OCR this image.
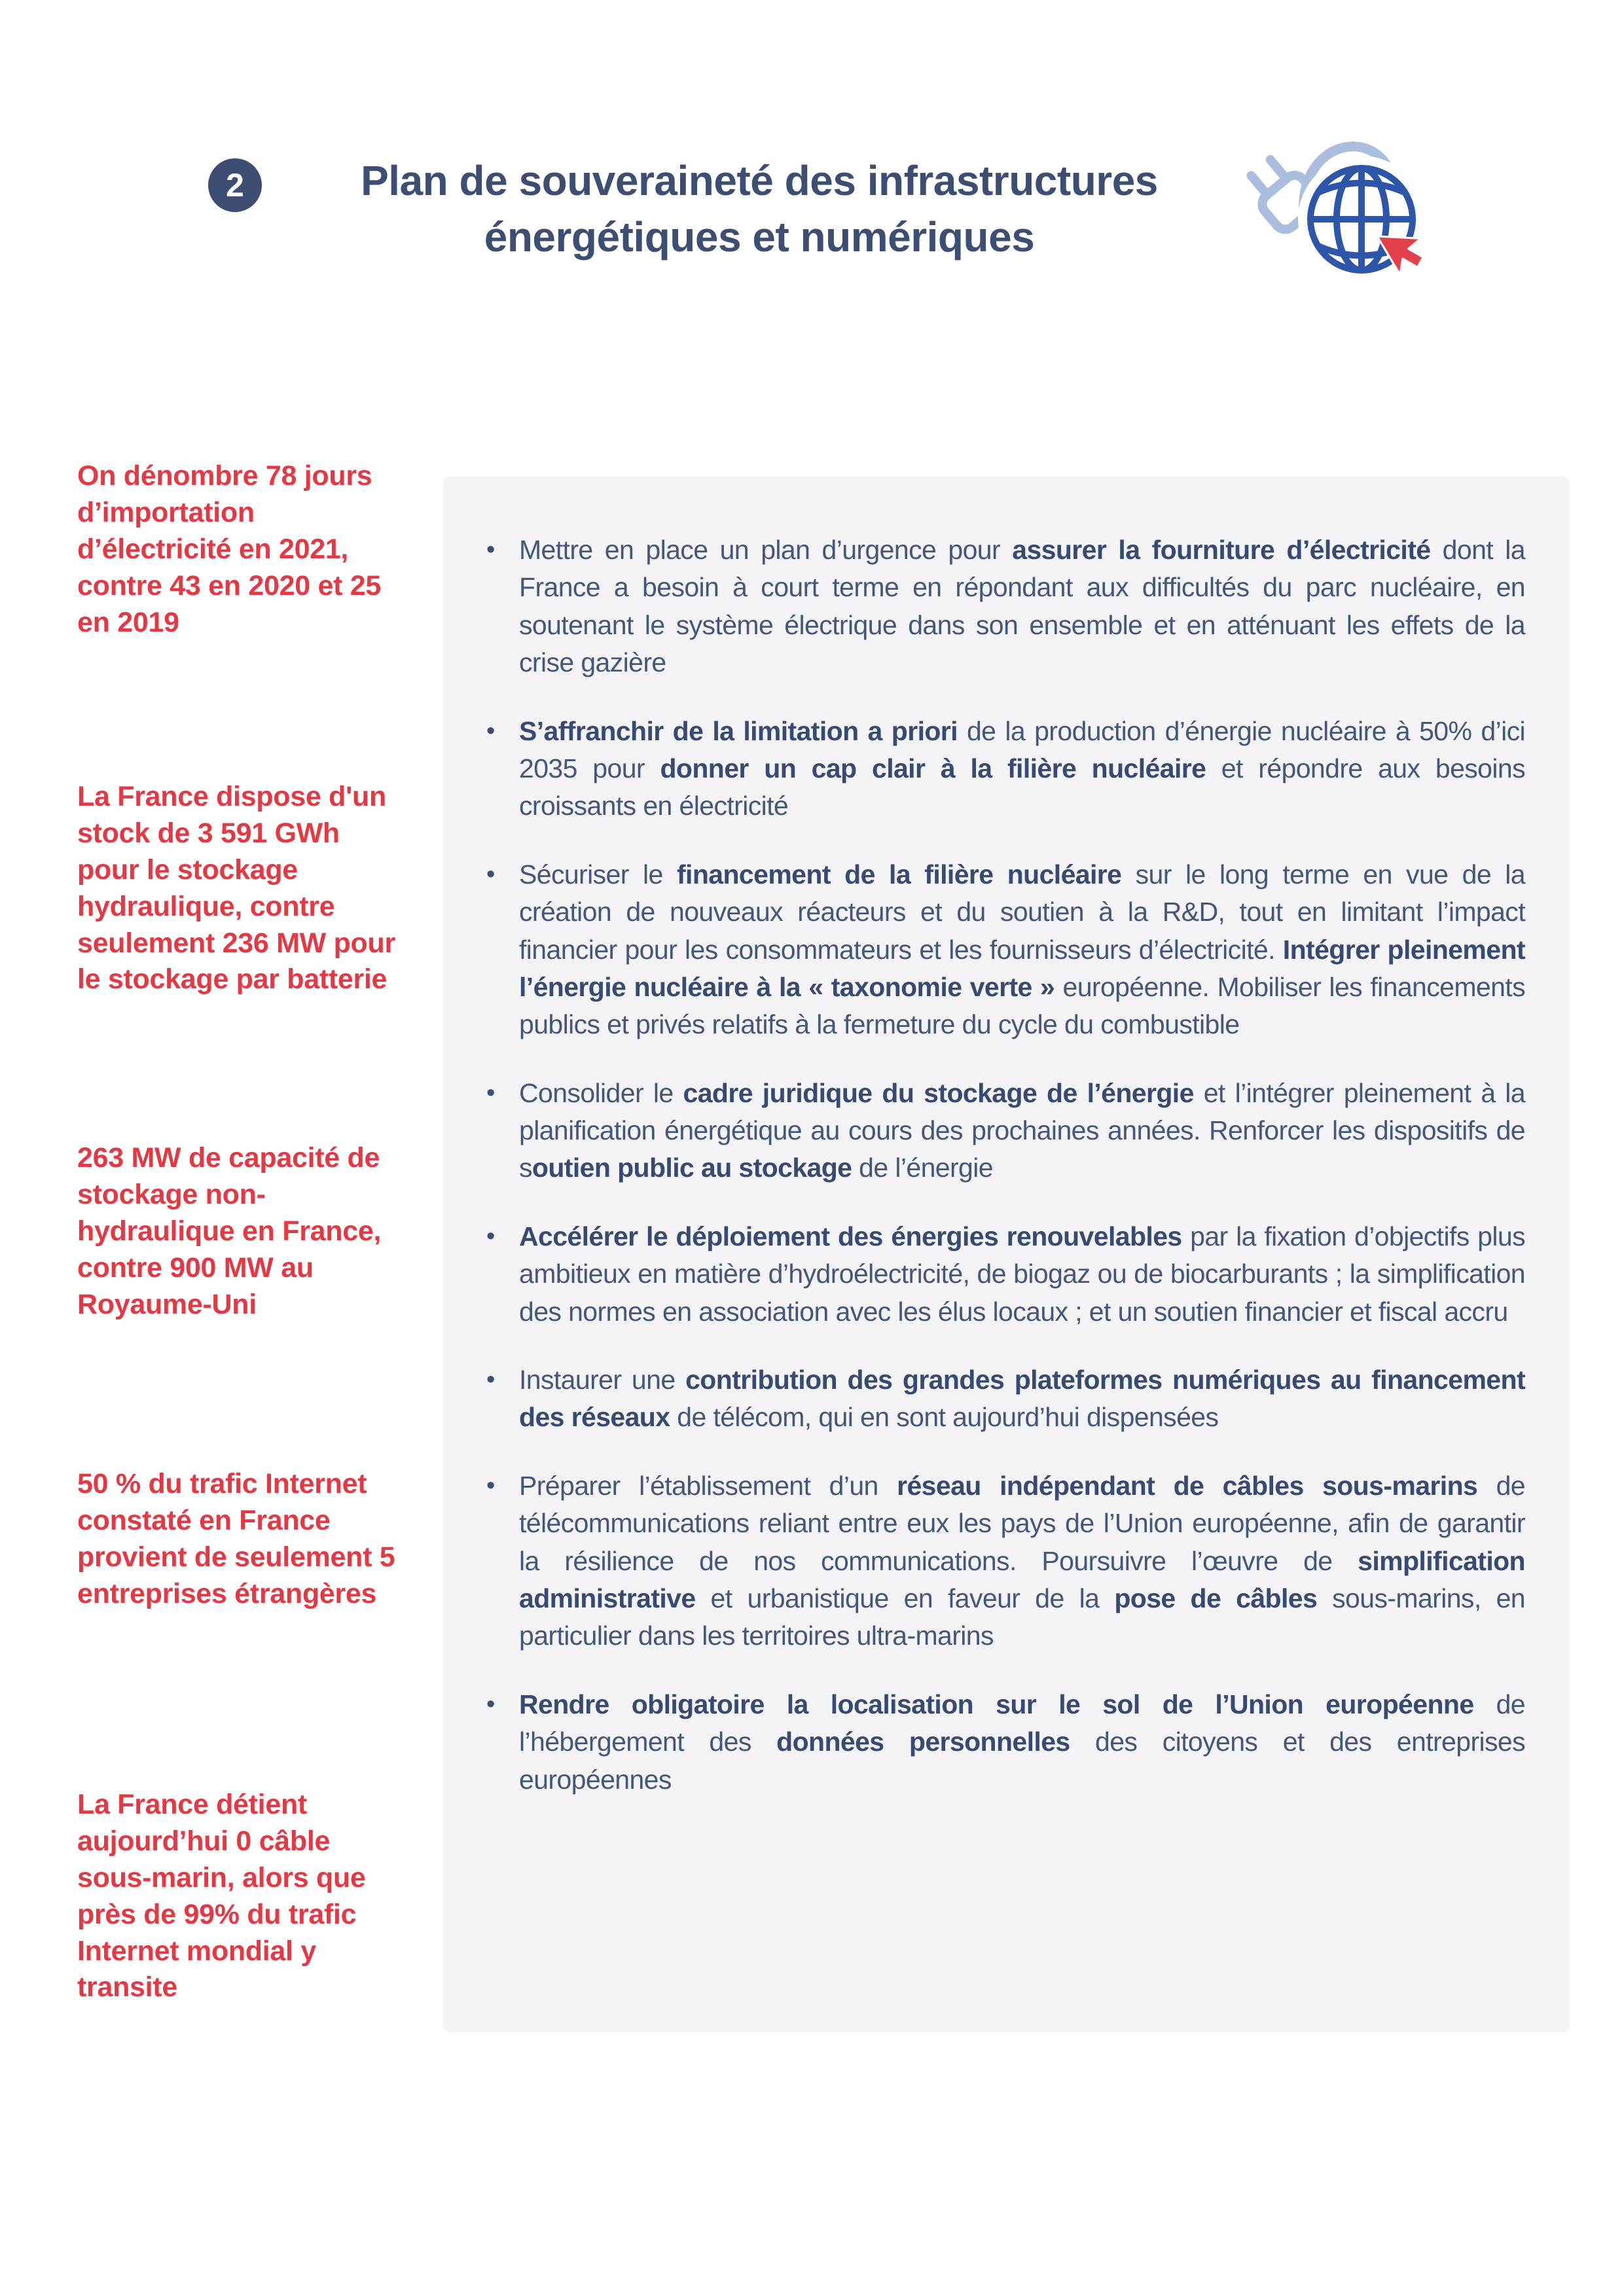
2	Plan de souveraineté des infrastructures
énergétiques et numériques
On dénombre 78 jours d’importation d’électricité en 2021, contre 43 en 2020 et 25 en 2019
La France dispose d'un stock de 3 591 GWh pour le stockage hydraulique, contre seulement 236 MW pour le stockage par batterie
263 MW de capacité de stockage non-hydraulique en France, contre 900 MW au Royaume-Uni
50 % du trafic Internet constaté en France provient de seulement 5 entreprises étrangères
La France détient aujourd’hui 0 câble sous-marin, alors que près de 99% du trafic Internet mondial y transite
• Mettre en place un plan d’urgence pour assurer la fourniture d’électricité dont la France a besoin à court terme en répondant aux difficultés du parc nucléaire, en soutenant le système électrique dans son ensemble et en atténuant les effets de la crise gazière
• S’affranchir de la limitation a priori de la production d’énergie nucléaire à 50% d’ici 2035 pour donner un cap clair à la filière nucléaire et répondre aux besoins croissants en électricité
• Sécuriser le financement de la filière nucléaire sur le long terme en vue de la création de nouveaux réacteurs et du soutien à la R&D, tout en limitant l’impact financier pour les consommateurs et les fournisseurs d’électricité. Intégrer pleinement l’énergie nucléaire à la « taxonomie verte » européenne. Mobiliser les financements publics et privés relatifs à la fermeture du cycle du combustible
• Consolider le cadre juridique du stockage de l’énergie et l’intégrer pleinement à la planification énergétique au cours des prochaines années. Renforcer les dispositifs de soutien public au stockage de l’énergie
• Accélérer le déploiement des énergies renouvelables par la fixation d’objectifs plus ambitieux en matière d’hydroélectricité, de biogaz ou de biocarburants ; la simplification des normes en association avec les élus locaux ; et un soutien financier et fiscal accru
• Instaurer une contribution des grandes plateformes numériques au financement des réseaux de télécom, qui en sont aujourd’hui dispensées
• Préparer l’établissement d’un réseau indépendant de câbles sous-marins de télécommunications reliant entre eux les pays de l’Union européenne, afin de garantir la résilience de nos communications. Poursuivre l’œuvre de simplification administrative et urbanistique en faveur de la pose de câbles sous-marins, en particulier dans les territoires ultra-marins
• Rendre obligatoire la localisation sur le sol de l’Union européenne de l’hébergement des données personnelles des citoyens et des entreprises européennes
